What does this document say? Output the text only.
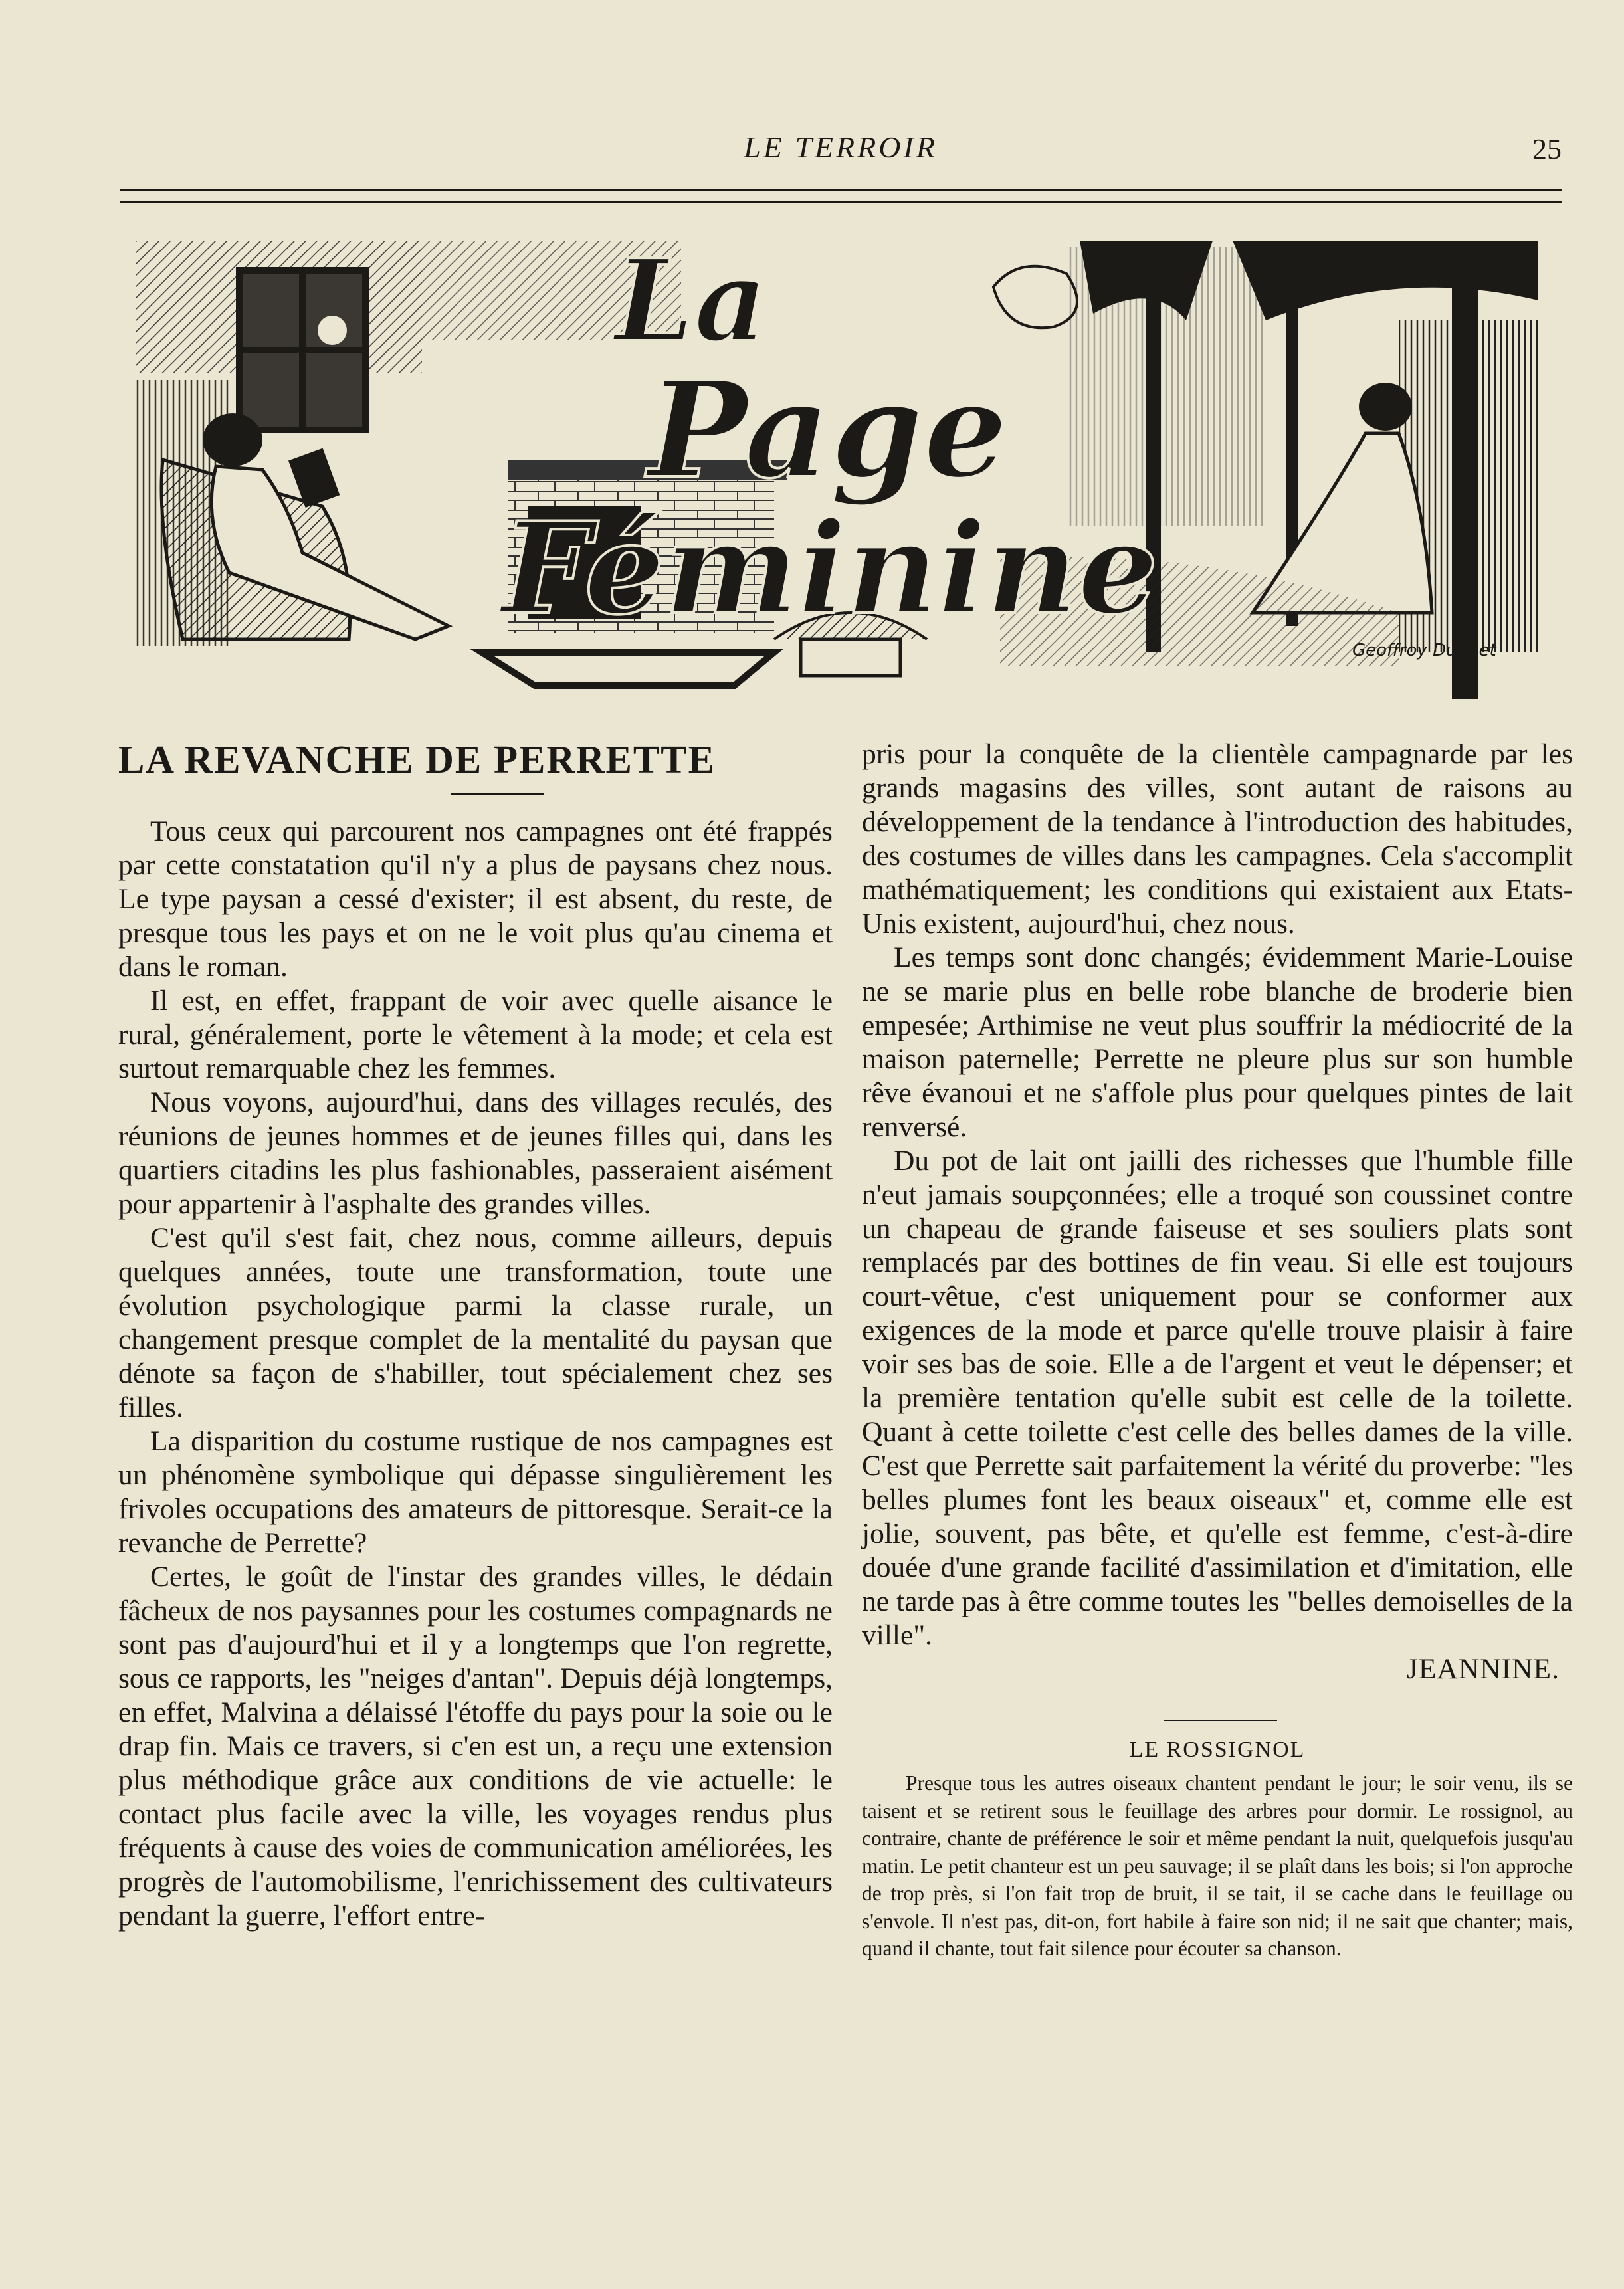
LE TERROIR	25
La
Page
Féminine
Geoffroy Duquet
LA REVANCHE DE PERRETTE

Tous ceux qui parcourent nos campagnes ont été frappés par cette constatation qu'il n'y a plus de paysans chez nous. Le type paysan a cessé d'exister; il est absent, du reste, de presque tous les pays et on ne le voit plus qu'au cinema et dans le roman.

Il est, en effet, frappant de voir avec quelle aisance le rural, généralement, porte le vêtement à la mode; et cela est surtout remarquable chez les femmes.

Nous voyons, aujourd'hui, dans des villages reculés, des réunions de jeunes hommes et de jeunes filles qui, dans les quartiers citadins les plus fashionables, passeraient aisément pour appartenir à l'asphalte des grandes villes.

C'est qu'il s'est fait, chez nous, comme ailleurs, depuis quelques années, toute une transformation, toute une évolution psychologique parmi la classe rurale, un changement presque complet de la mentalité du paysan que dénote sa façon de s'habiller, tout spécialement chez ses filles.

La disparition du costume rustique de nos campagnes est un phénomène symbolique qui dépasse singulièrement les frivoles occupations des amateurs de pittoresque. Serait-ce la revanche de Perrette?

Certes, le goût de l'instar des grandes villes, le dédain fâcheux de nos paysannes pour les costumes compagnards ne sont pas d'aujourd'hui et il y a longtemps que l'on regrette, sous ce rapports, les "neiges d'antan". Depuis déjà longtemps, en effet, Malvina a délaissé l'étoffe du pays pour la soie ou le drap fin. Mais ce travers, si c'en est un, a reçu une extension plus méthodique grâce aux conditions de vie actuelle: le contact plus facile avec la ville, les voyages rendus plus fréquents à cause des voies de communication améliorées, les progrès de l'automobilisme, l'enrichissement des cultivateurs pendant la guerre, l'effort entre-

pris pour la conquête de la clientèle campagnarde par les grands magasins des villes, sont autant de raisons au développement de la tendance à l'introduction des habitudes, des costumes de villes dans les campagnes. Cela s'accomplit mathématiquement; les conditions qui existaient aux Etats-Unis existent, aujourd'hui, chez nous.

Les temps sont donc changés; évidemment Marie-Louise ne se marie plus en belle robe blanche de broderie bien empesée; Arthimise ne veut plus souffrir la médiocrité de la maison paternelle; Perrette ne pleure plus sur son humble rêve évanoui et ne s'affole plus pour quelques pintes de lait renversé.

Du pot de lait ont jailli des richesses que l'humble fille n'eut jamais soupçonnées; elle a troqué son coussinet contre un chapeau de grande faiseuse et ses souliers plats sont remplacés par des bottines de fin veau. Si elle est toujours court-vêtue, c'est uniquement pour se conformer aux exigences de la mode et parce qu'elle trouve plaisir à faire voir ses bas de soie. Elle a de l'argent et veut le dépenser; et la première tentation qu'elle subit est celle de la toilette. Quant à cette toilette c'est celle des belles dames de la ville. C'est que Perrette sait parfaitement la vérité du proverbe: "les belles plumes font les beaux oiseaux" et, comme elle est jolie, souvent, pas bête, et qu'elle est femme, c'est-à-dire douée d'une grande facilité d'assimilation et d'imitation, elle ne tarde pas à être comme toutes les "belles demoiselles de la ville".

JEANNINE.
LE ROSSIGNOL
Presque tous les autres oiseaux chantent pendant le jour; le soir venu, ils se taisent et se retirent sous le feuillage des arbres pour dormir. Le rossignol, au contraire, chante de préférence le soir et même pendant la nuit, quelquefois jusqu'au matin. Le petit chanteur est un peu sauvage; il se plaît dans les bois; si l'on approche de trop près, si l'on fait trop de bruit, il se tait, il se cache dans le feuillage ou s'envole. Il n'est pas, dit-on, fort habile à faire son nid; il ne sait que chanter; mais, quand il chante, tout fait silence pour écouter sa chanson.
